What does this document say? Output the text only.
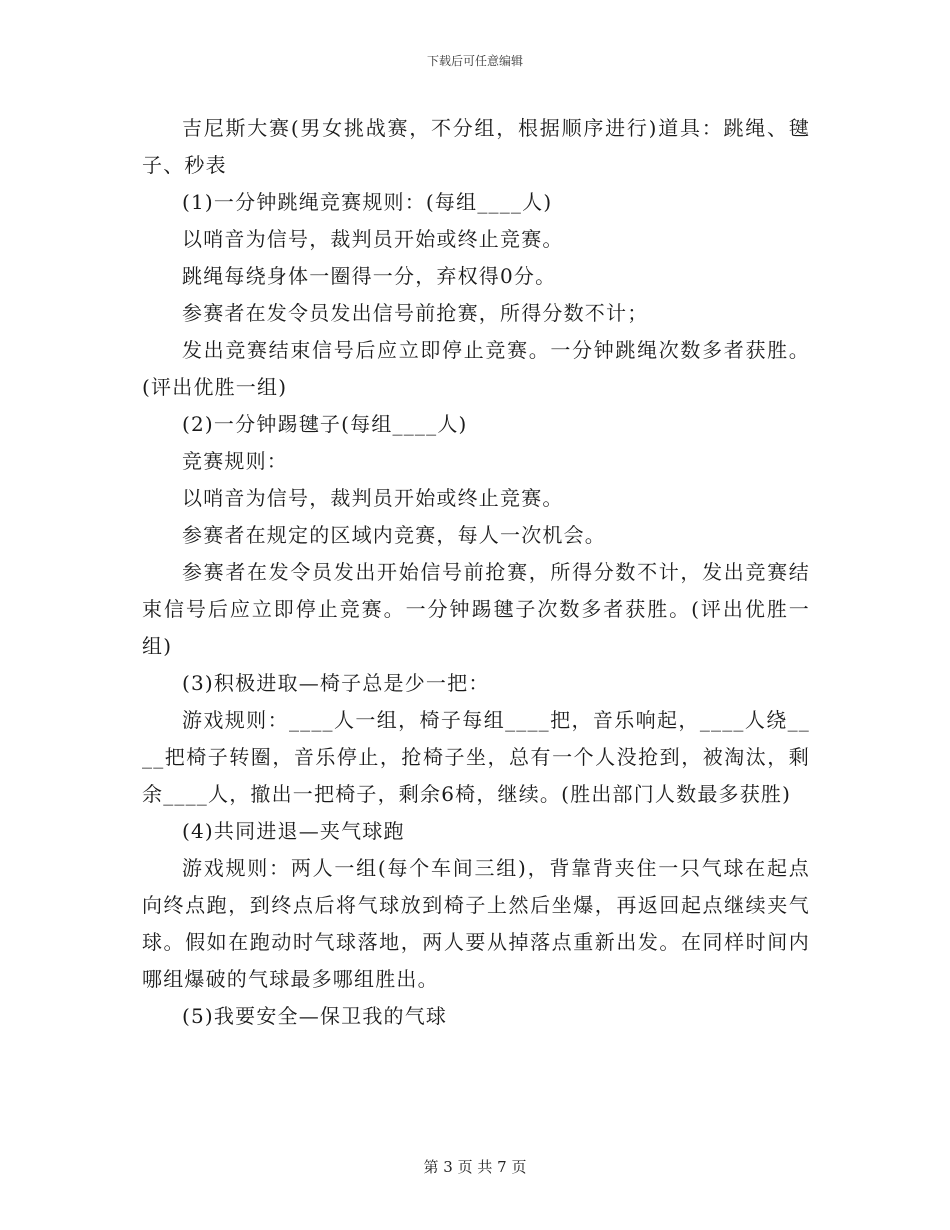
下载后可任意编辑

吉尼斯大赛(男女挑战赛，不分组，根据顺序进行)道具：跳绳、毽子、秒表

(1)一分钟跳绳竞赛规则：(每组____人)

以哨音为信号，裁判员开始或终止竞赛。

跳绳每绕身体一圈得一分，弃权得0分。

参赛者在发令员发出信号前抢赛，所得分数不计；

发出竞赛结束信号后应立即停止竞赛。一分钟跳绳次数多者获胜。(评出优胜一组)

(2)一分钟踢毽子(每组____人)

竞赛规则：

以哨音为信号，裁判员开始或终止竞赛。

参赛者在规定的区域内竞赛，每人一次机会。

参赛者在发令员发出开始信号前抢赛，所得分数不计，发出竞赛结束信号后应立即停止竞赛。一分钟踢毽子次数多者获胜。(评出优胜一组)

(3)积极进取—椅子总是少一把：

游戏规则：____人一组，椅子每组____把，音乐响起，____人绕____把椅子转圈，音乐停止，抢椅子坐，总有一个人没抢到，被淘汰，剩余____人，撤出一把椅子，剩余6椅，继续。(胜出部门人数最多获胜)

(4)共同进退—夹气球跑

游戏规则：两人一组(每个车间三组)，背靠背夹住一只气球在起点向终点跑，到终点后将气球放到椅子上然后坐爆，再返回起点继续夹气球。假如在跑动时气球落地，两人要从掉落点重新出发。在同样时间内哪组爆破的气球最多哪组胜出。

(5)我要安全—保卫我的气球

第 3 页 共 7 页
